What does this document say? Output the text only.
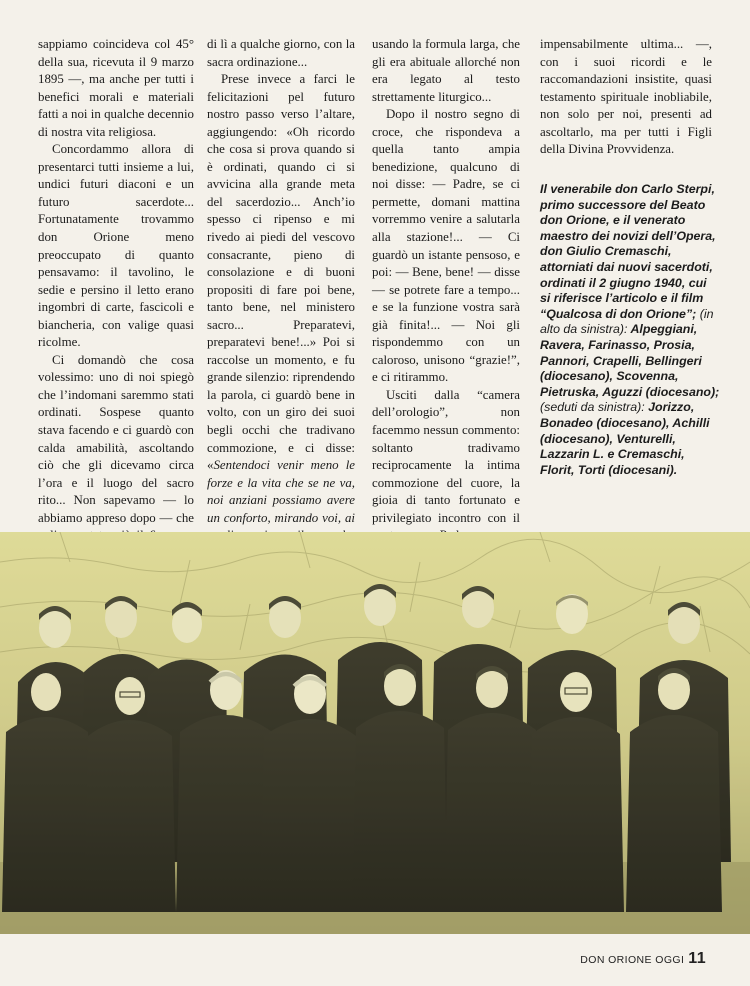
sappiamo coincideva col 45° della sua, ricevuta il 9 marzo 1895 —, ma anche per tutti i benefici morali e materiali fatti a noi in qualche decennio di nostra vita religiosa.

Concordammo allora di presentarci tutti insieme a lui, undici futuri diaconi e un futuro sacerdote... Fortunatamente trovammo don Orione meno preoccupato di quanto pensavamo: il tavolino, le sedie e persino il letto erano ingombri di carte, fascicoli e biancheria, con valige quasi ricolme.

Ci domandò che cosa volessimo: uno di noi spiegò che l’indomani saremmo stati ordinati. Sospese quanto stava facendo e ci guardò con calda amabilità, ascoltando ciò che gli dicevamo circa l’ora e il luogo del sacro rito... Non sapevamo — lo abbiamo appreso dopo — che

di lì a qualche giorno, con la sacra ordinazione...

Prese invece a farci le felicitazioni pel futuro nostro passo verso l’altare, aggiungendo: «Oh ricordo che cosa si prova quando si è ordinati, quando ci si avvicina alla grande meta del sacerdozio... Anch’io spesso ci ripenso e mi rivedo ai piedi del vescovo consacrante, pieno di consolazione e di buoni propositi di fare poi bene, tanto bene, nel ministero sacro... Preparatevi, preparatevi bene!...» Poi si raccolse un momento, e fu grande silenzio: riprendendo la parola, ci guardò bene in volto, con un giro dei suoi begli occhi che tradivano commozione, e ci disse: «Sentendoci venir meno le forze e la vita che se ne va, noi anziani possiamo avere un conforto, mirando voi, ai

usando la formula larga, che gli era abituale allorché non era legato al testo strettamente liturgico...

Dopo il nostro segno di croce, che rispondeva a quella tanto ampia benedizione, qualcuno di noi disse: — Padre, se ci permette, domani mattina vorremmo venire a salutarla alla stazione!... — Ci guardò un istante pensoso, e poi: — Bene, bene! — disse — se potrete fare a tempo... e se la funzione vostra sarà già finita!... — Noi gli rispondemmo con un caloroso, unisono “grazie!”, e ci ritirammo.

Usciti dalla “camera dell’orologio”, non facemmo nessun commento: soltanto tradivamo reciprocamente la intima commozione del cuore, la gioia di tanto fortunato e privilegiato incontro con il

impensabilmente ultima... —, con i suoi ricordi e le raccomandazioni insistite, quasi testamento spirituale inobliabile, non solo per noi, presenti ad ascoltarlo, ma per tutti i Figli della Divina Provvidenza.

Il venerabile don Carlo Sterpi, primo successore del Beato don Orione, e il venerato maestro dei novizi dell’Opera, don Giulio Cremaschi, attorniati dai nuovi sacerdoti, ordinati il 2 giugno 1940, cui si riferisce l’articolo e il film “Qualcosa di don Orione”; (in alto da sinistra): Alpeggiani, Ravera, Farinasso, Prosia, Pannori, Crapelli, Bellingeri (diocesano), Scovenna, Pietruska, Aguzzi (diocesano); (seduti da sinistra): Jorizzo, Bonadeo (diocesano), Achilli (diocesano), Venturelli, Lazzarin L. e Cremaschi, Florit, Torti (diocesani).
DON ORIONE OGGI 11
